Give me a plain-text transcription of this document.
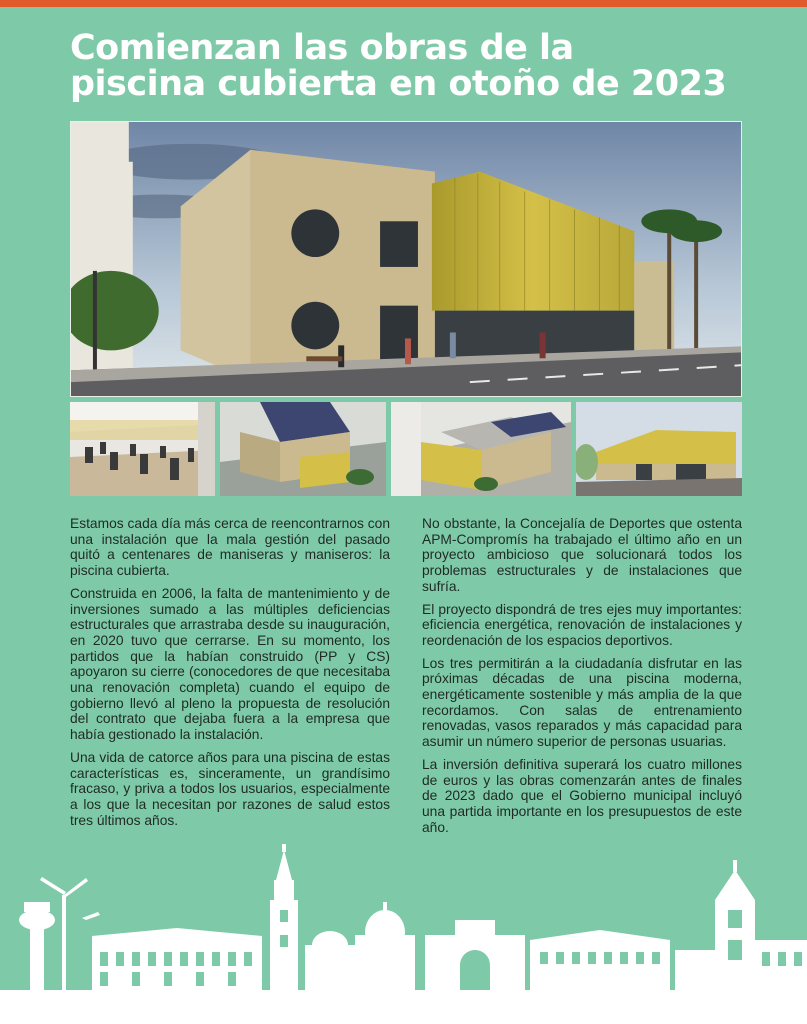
Comienzan las obras de la
piscina cubierta en otoño de 2023

Estamos cada día más cerca de reencontrarnos con una instalación que la mala gestión del pasado quitó a centenares de maniseras y maniseros: la piscina cubierta.

Construida en 2006, la falta de mantenimiento y de inversiones sumado a las múltiples deficiencias estructurales que arrastraba desde su inauguración, en 2020 tuvo que cerrarse. En su momento, los partidos que la habían construido (PP y CS) apoyaron su cierre (conocedores de que necesitaba una renovación completa) cuando el equipo de gobierno llevó al pleno la propuesta de resolución del contrato que dejaba fuera a la empresa que había gestionado la instalación.

Una vida de catorce años para una piscina de estas características es, sinceramente, un grandísimo fracaso, y priva a todos los usuarios, especialmente a los que la necesitan por razones de salud estos tres últimos años.

No obstante, la Concejalía de Deportes que ostenta APM-Compromís ha trabajado el último año en un proyecto ambicioso que solucionará todos los problemas estructurales y de instalaciones que sufría.

El proyecto dispondrá de tres ejes muy importantes: eficiencia energética, renovación de instalaciones y reordenación de los espacios deportivos.

Los tres permitirán a la ciudadanía disfrutar en las próximas décadas de una piscina moderna, energéticamente sostenible y más amplia de la que recordamos. Con salas de entrenamiento renovadas, vasos reparados y más capacidad para asumir un número superior de personas usuarias.

La inversión definitiva superará los cuatro millones de euros y las obras comenzarán antes de finales de 2023 dado que el Gobierno municipal incluyó una partida importante en los presupuestos de este año.
